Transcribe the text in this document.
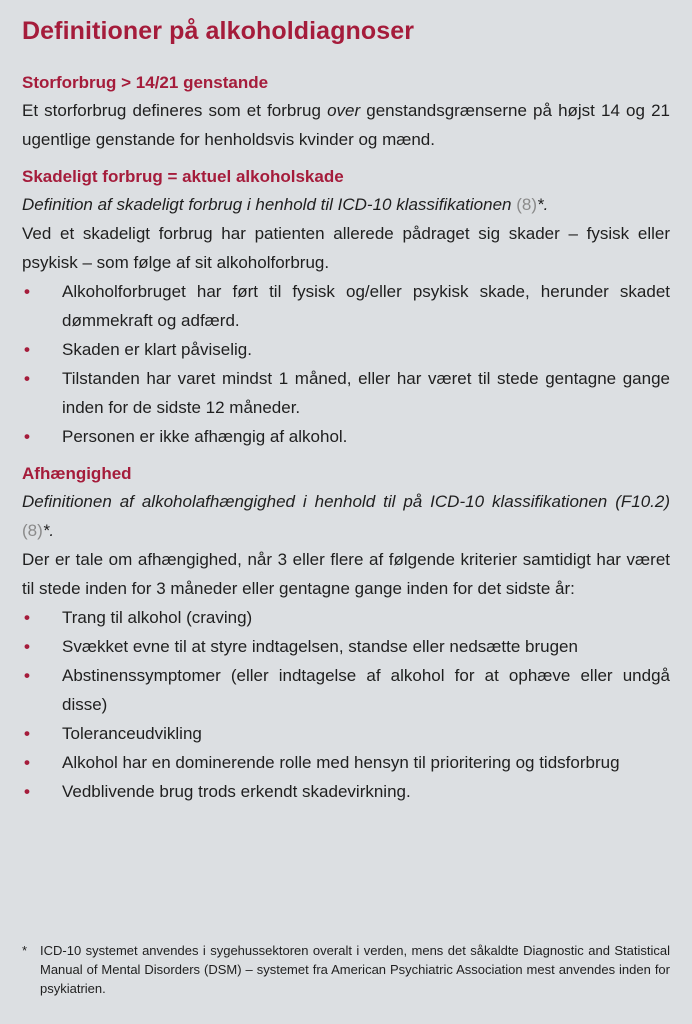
Definitioner på alkoholdiagnoser
Storforbrug > 14/21 genstande

Et storforbrug defineres som et forbrug over genstandsgrænserne på højst 14 og 21 ugentlige genstande for henholdsvis kvinder og mænd.

Skadeligt forbrug = aktuel alkoholskade

Definition af skadeligt forbrug i henhold til ICD-10 klassifikationen (8)*.

Ved et skadeligt forbrug har patienten allerede pådraget sig skader – fysisk eller psykisk – som følge af sit alkoholforbrug.

• Alkoholforbruget har ført til fysisk og/eller psykisk skade, herunder skadet dømmekraft og adfærd.
• Skaden er klart påviselig.
• Tilstanden har varet mindst 1 måned, eller har været til stede gentagne gange inden for de sidste 12 måneder.
• Personen er ikke afhængig af alkohol.
Afhængighed

Definitionen af alkoholafhængighed i henhold til på ICD-10 klassifikationen (F10.2) (8)*.

Der er tale om afhængighed, når 3 eller flere af følgende kriterier samtidigt har været til stede inden for 3 måneder eller gentagne gange inden for det sidste år:

• Trang til alkohol (craving)
• Svækket evne til at styre indtagelsen, standse eller nedsætte brugen
• Abstinenssymptomer (eller indtagelse af alkohol for at ophæve eller undgå disse)
• Toleranceudvikling
• Alkohol har en dominerende rolle med hensyn til prioritering og tidsforbrug
• Vedblivende brug trods erkendt skadevirkning.
* ICD-10 systemet anvendes i sygehussektoren overalt i verden, mens det såkaldte Diagnostic and Statistical Manual of Mental Disorders (DSM) – systemet fra American Psychiatric Association mest anvendes inden for psykiatrien.
